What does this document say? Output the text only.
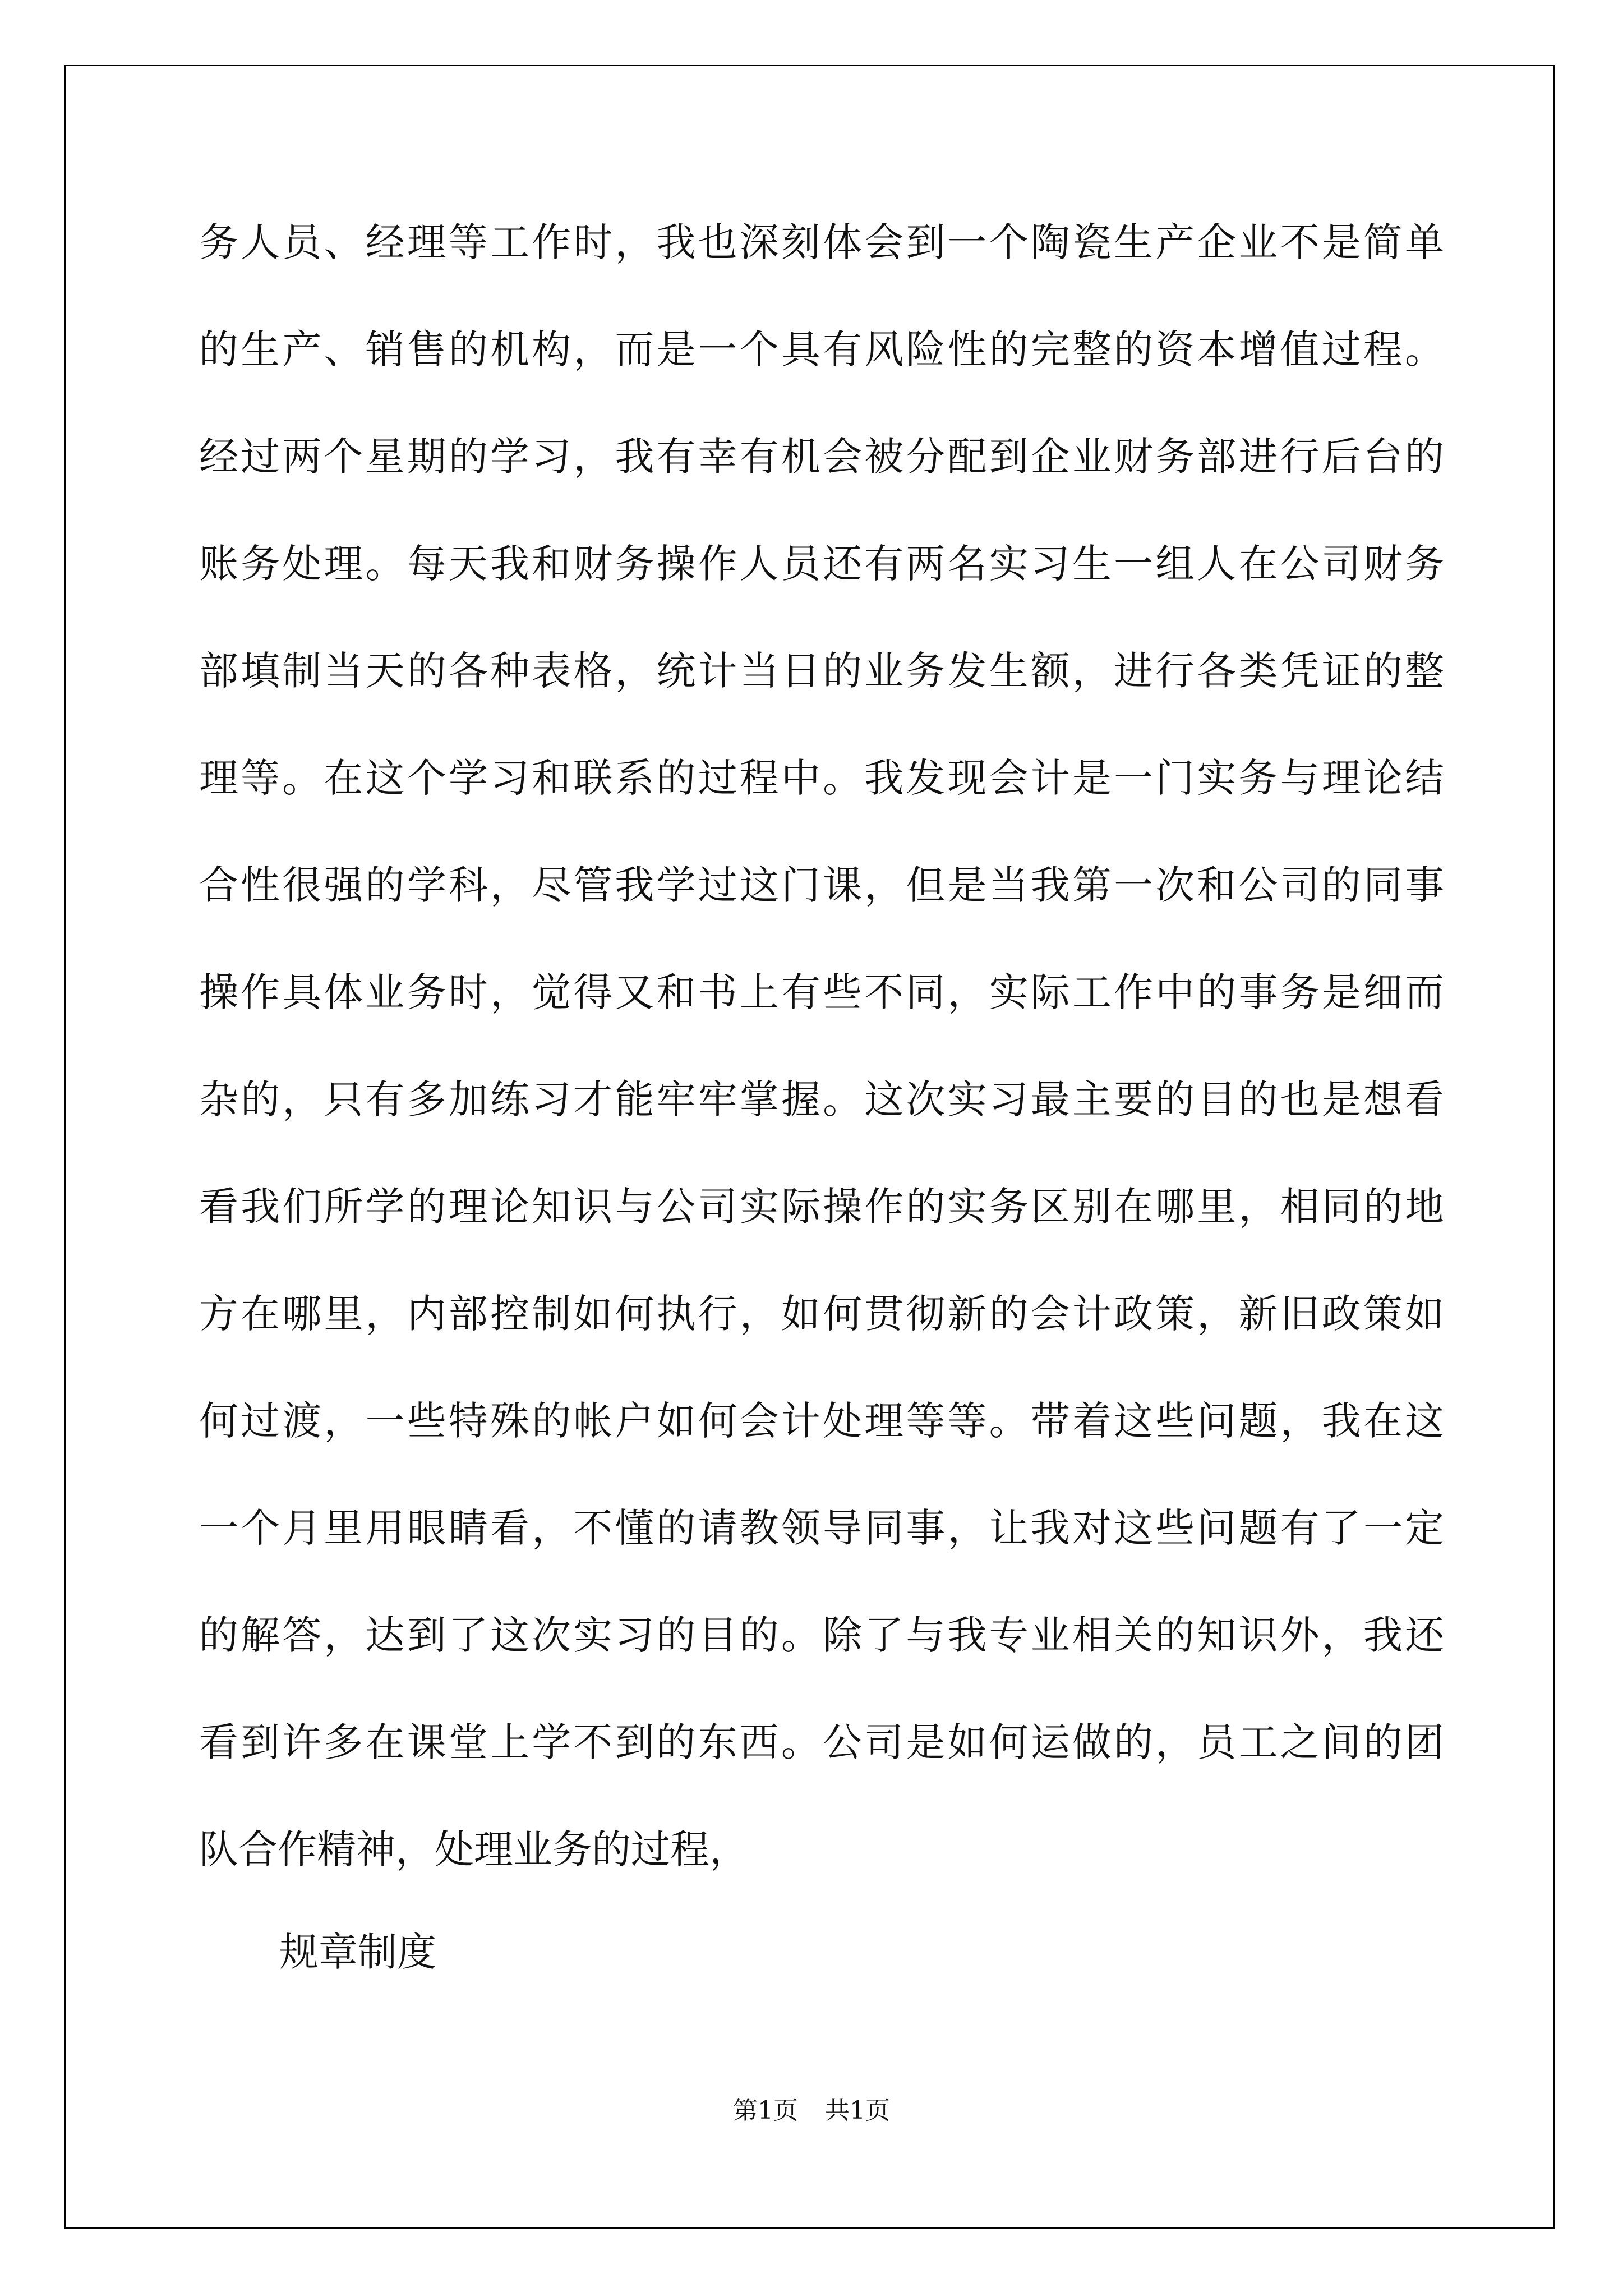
务人员、经理等工作时，我也深刻体会到一个陶瓷生产企业不是简单
的生产、销售的机构，而是一个具有风险性的完整的资本增值过程。
经过两个星期的学习，我有幸有机会被分配到企业财务部进行后台的
账务处理。每天我和财务操作人员还有两名实习生一组人在公司财务
部填制当天的各种表格，统计当日的业务发生额，进行各类凭证的整
理等。在这个学习和联系的过程中。我发现会计是一门实务与理论结
合性很强的学科，尽管我学过这门课，但是当我第一次和公司的同事
操作具体业务时，觉得又和书上有些不同，实际工作中的事务是细而
杂的，只有多加练习才能牢牢掌握。这次实习最主要的目的也是想看
看我们所学的理论知识与公司实际操作的实务区别在哪里，相同的地
方在哪里，内部控制如何执行，如何贯彻新的会计政策，新旧政策如
何过渡，一些特殊的帐户如何会计处理等等。带着这些问题，我在这
一个月里用眼睛看，不懂的请教领导同事，让我对这些问题有了一定
的解答，达到了这次实习的目的。除了与我专业相关的知识外，我还
看到许多在课堂上学不到的东西。公司是如何运做的，员工之间的团
队合作精神，处理业务的过程，
规章制度
第1页 共1页
